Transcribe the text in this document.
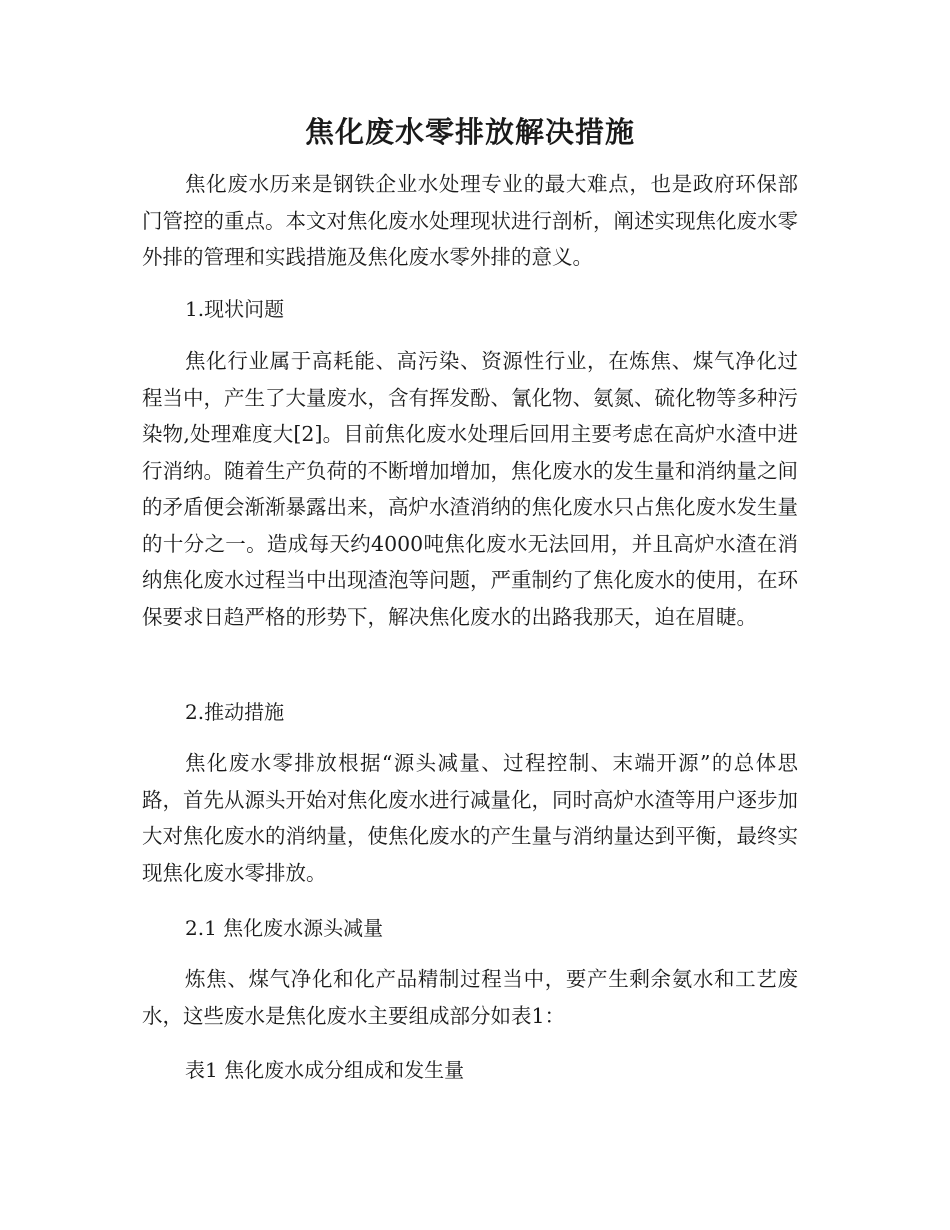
焦化废水零排放解决措施

焦化废水历来是钢铁企业水处理专业的最大难点，也是政府环保部门管控的重点。本文对焦化废水处理现状进行剖析，阐述实现焦化废水零外排的管理和实践措施及焦化废水零外排的意义。

1.现状问题

焦化行业属于高耗能、高污染、资源性行业，在炼焦、煤气净化过程当中，产生了大量废水，含有挥发酚、氰化物、氨氮、硫化物等多种污染物,处理难度大[2]。目前焦化废水处理后回用主要考虑在高炉水渣中进行消纳。随着生产负荷的不断增加增加，焦化废水的发生量和消纳量之间的矛盾便会渐渐暴露出来，高炉水渣消纳的焦化废水只占焦化废水发生量的十分之一。造成每天约4000吨焦化废水无法回用，并且高炉水渣在消纳焦化废水过程当中出现渣泡等问题，严重制约了焦化废水的使用，在环保要求日趋严格的形势下，解决焦化废水的出路我那天，迫在眉睫。

2.推动措施

焦化废水零排放根据“源头减量、过程控制、末端开源”的总体思路，首先从源头开始对焦化废水进行减量化，同时高炉水渣等用户逐步加大对焦化废水的消纳量，使焦化废水的产生量与消纳量达到平衡，最终实现焦化废水零排放。

2.1 焦化废水源头减量

炼焦、煤气净化和化产品精制过程当中，要产生剩余氨水和工艺废水，这些废水是焦化废水主要组成部分如表1：

表1 焦化废水成分组成和发生量
